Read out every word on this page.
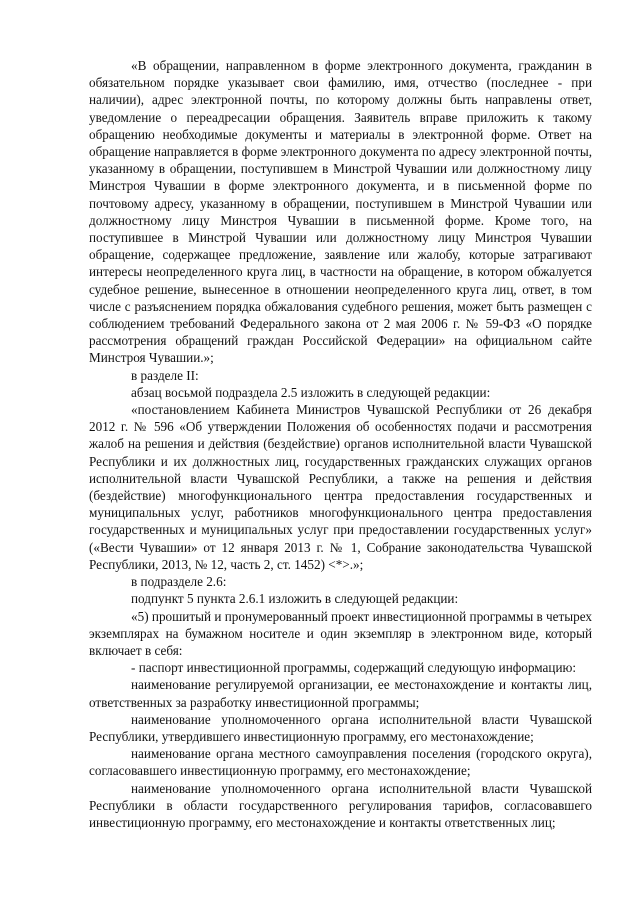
«В обращении, направленном в форме электронного документа, гражданин в обязательном порядке указывает свои фамилию, имя, отчество (последнее - при наличии), адрес электронной почты, по которому должны быть направлены ответ, уведомление о переадресации обращения. Заявитель вправе приложить к такому обращению необходимые документы и материалы в электронной форме. Ответ на обращение направляется в форме электронного документа по адресу электронной почты, указанному в обращении, поступившем в Минстрой Чувашии или должностному лицу Минстроя Чувашии в форме электронного документа, и в письменной форме по почтовому адресу, указанному в обращении, поступившем в Минстрой Чувашии или должностному лицу Минстроя Чувашии в письменной форме. Кроме того, на поступившее в Минстрой Чувашии или должностному лицу Минстроя Чувашии обращение, содержащее предложение, заявление или жалобу, которые затрагивают интересы неопределенного круга лиц, в частности на обращение, в котором обжалуется судебное решение, вынесенное в отношении неопределенного круга лиц, ответ, в том числе с разъяснением порядка обжалования судебного решения, может быть размещен с соблюдением требований Федерального закона от 2 мая 2006 г. № 59-ФЗ «О порядке рассмотрения обращений граждан Российской Федерации» на официальном сайте Минстроя Чувашии.»;

в разделе II:

абзац восьмой подраздела 2.5 изложить в следующей редакции:

«постановлением Кабинета Министров Чувашской Республики от 26 декабря 2012 г. № 596 «Об утверждении Положения об особенностях подачи и рассмотрения жалоб на решения и действия (бездействие) органов исполнительной власти Чувашской Республики и их должностных лиц, государственных гражданских служащих органов исполнительной власти Чувашской Республики, а также на решения и действия (бездействие) многофункционального центра предоставления государственных и муниципальных услуг, работников многофункционального центра предоставления государственных и муниципальных услуг при предоставлении государственных услуг» («Вести Чувашии» от 12 января 2013 г. № 1, Собрание законодательства Чувашской Республики, 2013, № 12, часть 2, ст. 1452) <*>.»;

в подразделе 2.6:

подпункт 5 пункта 2.6.1 изложить в следующей редакции:

«5) прошитый и пронумерованный проект инвестиционной программы в четырех экземплярах на бумажном носителе и один экземпляр в электронном виде, который включает в себя:

- паспорт инвестиционной программы, содержащий следующую информацию:

наименование регулируемой организации, ее местонахождение и контакты лиц, ответственных за разработку инвестиционной программы;

наименование уполномоченного органа исполнительной власти Чувашской Республики, утвердившего инвестиционную программу, его местонахождение;

наименование органа местного самоуправления поселения (городского округа), согласовавшего инвестиционную программу, его местонахождение;

наименование уполномоченного органа исполнительной власти Чувашской Республики в области государственного регулирования тарифов, согласовавшего инвестиционную программу, его местонахождение и контакты ответственных лиц;
